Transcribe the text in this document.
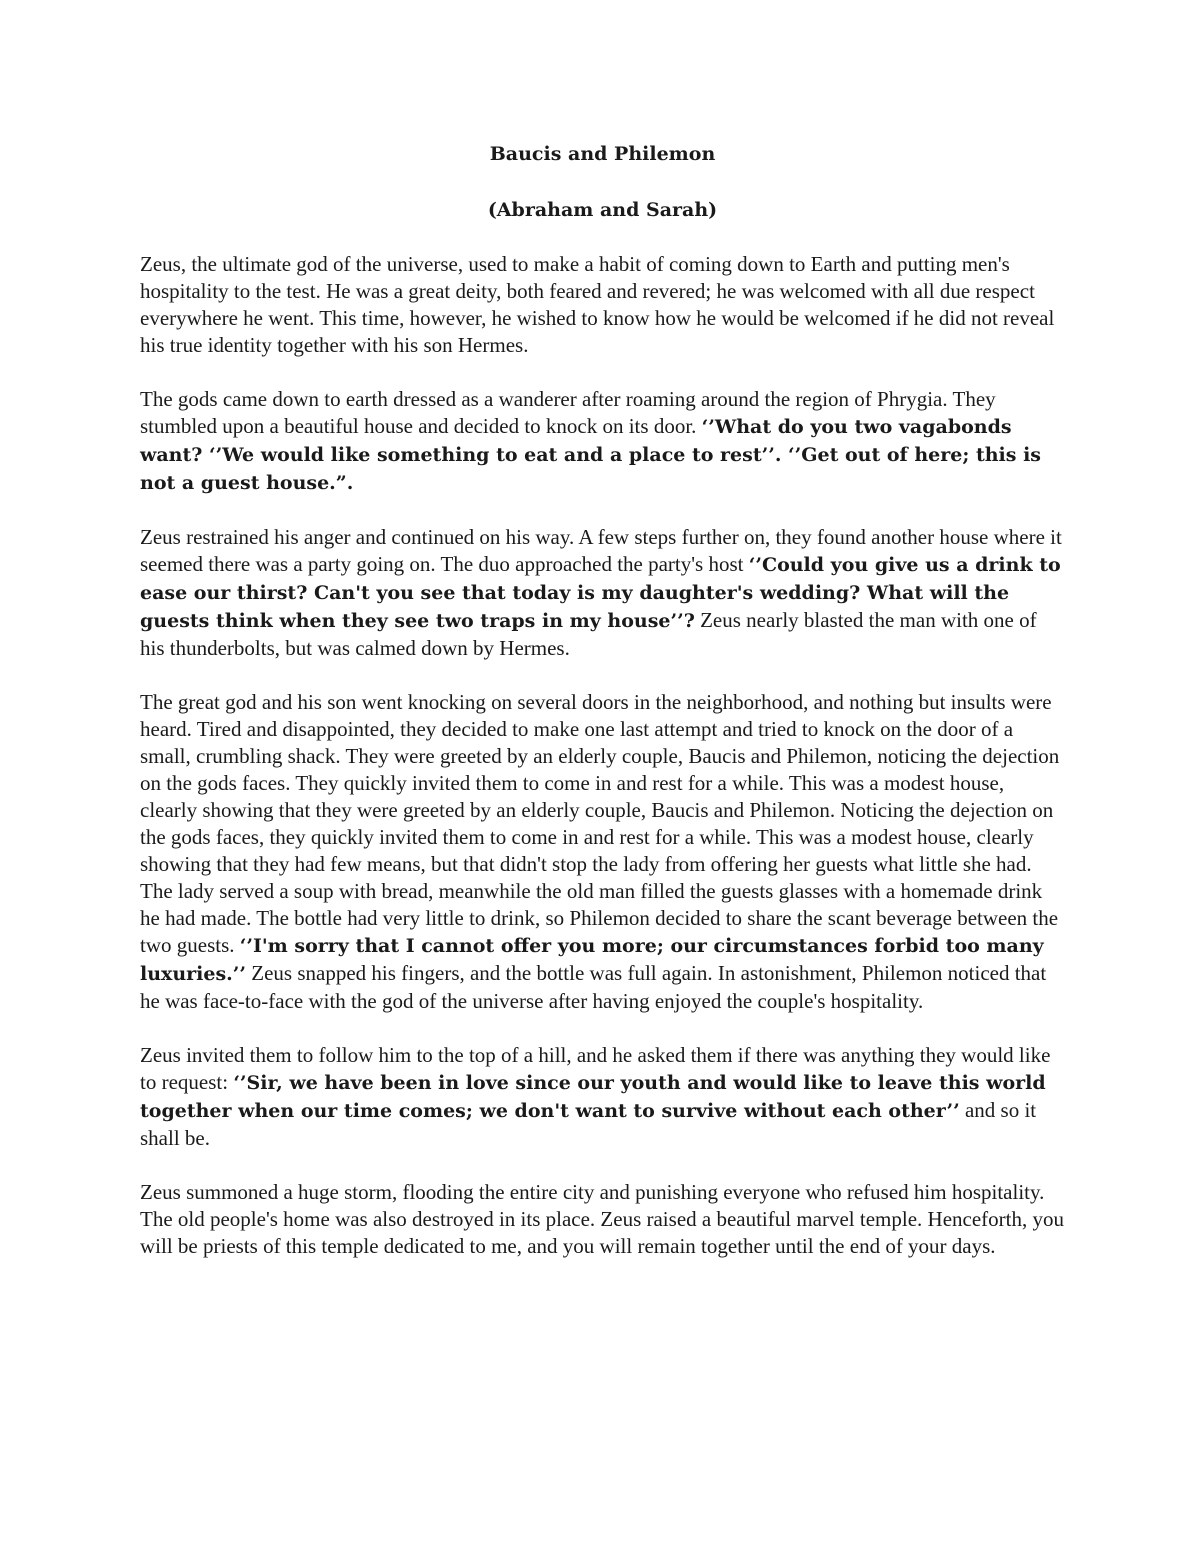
Baucis and Philemon

(Abraham and Sarah)

Zeus, the ultimate god of the universe, used to make a habit of coming down to Earth and putting men's hospitality to the test. He was a great deity, both feared and revered; he was welcomed with all due respect everywhere he went. This time, however, he wished to know how he would be welcomed if he did not reveal his true identity together with his son Hermes.

The gods came down to earth dressed as a wanderer after roaming around the region of Phrygia. They stumbled upon a beautiful house and decided to knock on its door. ‘’What do you two vagabonds want? ‘’We would like something to eat and a place to rest’’. ‘’Get out of here; this is not a guest house.”.

Zeus restrained his anger and continued on his way. A few steps further on, they found another house where it seemed there was a party going on. The duo approached the party's host ‘’Could you give us a drink to ease our thirst? Can't you see that today is my daughter's wedding? What will the guests think when they see two traps in my house’’? Zeus nearly blasted the man with one of his thunderbolts, but was calmed down by Hermes.

The great god and his son went knocking on several doors in the neighborhood, and nothing but insults were heard. Tired and disappointed, they decided to make one last attempt and tried to knock on the door of a small, crumbling shack. They were greeted by an elderly couple, Baucis and Philemon, noticing the dejection on the gods faces. They quickly invited them to come in and rest for a while. This was a modest house, clearly showing that they were greeted by an elderly couple, Baucis and Philemon. Noticing the dejection on the gods faces, they quickly invited them to come in and rest for a while. This was a modest house, clearly showing that they had few means, but that didn't stop the lady from offering her guests what little she had. The lady served a soup with bread, meanwhile the old man filled the guests glasses with a homemade drink he had made. The bottle had very little to drink, so Philemon decided to share the scant beverage between the two guests. ‘’I'm sorry that I cannot offer you more; our circumstances forbid too many luxuries.’’ Zeus snapped his fingers, and the bottle was full again. In astonishment, Philemon noticed that he was face-to-face with the god of the universe after having enjoyed the couple's hospitality.

Zeus invited them to follow him to the top of a hill, and he asked them if there was anything they would like to request: ‘’Sir, we have been in love since our youth and would like to leave this world together when our time comes; we don't want to survive without each other’’ and so it shall be.

Zeus summoned a huge storm, flooding the entire city and punishing everyone who refused him hospitality. The old people's home was also destroyed in its place. Zeus raised a beautiful marvel temple. Henceforth, you will be priests of this temple dedicated to me, and you will remain together until the end of your days.
